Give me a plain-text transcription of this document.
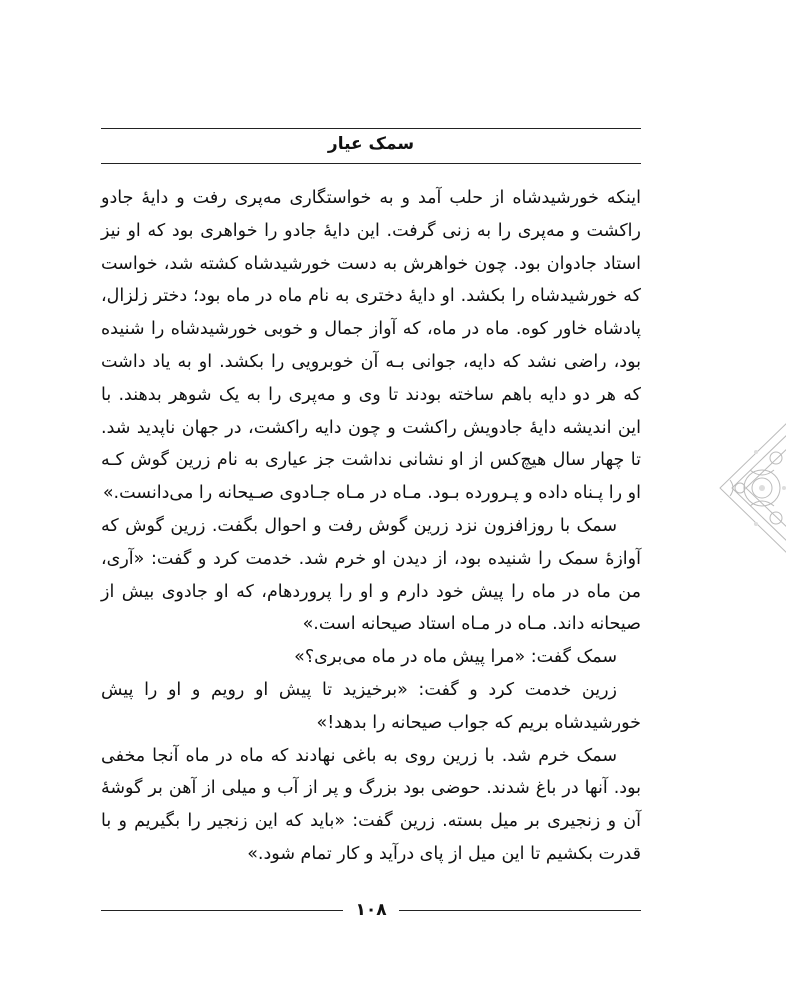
سمک عیار

اینکه خورشیدشاه از حلب آمد و به خواستگاری مه‌پری رفت و دایهٔ جادو راکشت و مه‌پری را به زنی گرفت. این دایهٔ جادو را خواهری بود که او نیز استاد جادوان بود. چون خواهرش به دست خورشیدشاه کشته شد، خواست که خورشیدشاه را بکشد. او دایهٔ دختری به نام ماه در ماه بود؛ دختر زلزال، پادشاه خاور کوه. ماه در ماه، که آواز جمال و خوبی خورشیدشاه را شنیده بود، راضی نشد که دایه، جوانی بـه آن خوبرویی را بکشد. او به یاد داشت که هر دو دایه باهم ساخته بودند تا وی و مه‌پری را به یک شوهر بدهند. با این اندیشه دایهٔ جادویش راکشت و چون دایه راکشت، در جهان ناپدید شد. تا چهار سال هیچ‌کس از او نشانی نداشت جز عیاری به نام زرین گوش کـه او را پـناه داده و پـرورده بـود. مـاه در مـاه جـادوی صـیحانه را می‌دانست.»

سمک با روزافزون نزد زرین گوش رفت و احوال بگفت. زرین گوش که آوازهٔ سمک را شنیده بود، از دیدن او خرم شد. خدمت کرد و گفت: «آری، من ماه در ماه را پیش خود دارم و او را پروردهام، که او جادوی بیش از صیحانه داند. مـاه در مـاه استاد صیحانه است.»

سمک گفت: «مرا پیش ماه در ماه می‌بری؟»

زرین خدمت کرد و گفت: «برخیزید تا پیش او رویم و او را پیش خورشیدشاه بریم که جواب صیحانه را بدهد!»

سمک خرم شد. با زرین روی به باغی نهادند که ماه در ماه آنجا مخفی بود. آنها در باغ شدند. حوضی بود بزرگ و پر از آب و میلی از آهن بر گوشهٔ آن و زنجیری بر میل بسته. زرین گفت: «باید که این زنجیر را بگیریم و با قدرت بکشیم تا این میل از پای درآید و کار تمام شود.»

۱۰۸
